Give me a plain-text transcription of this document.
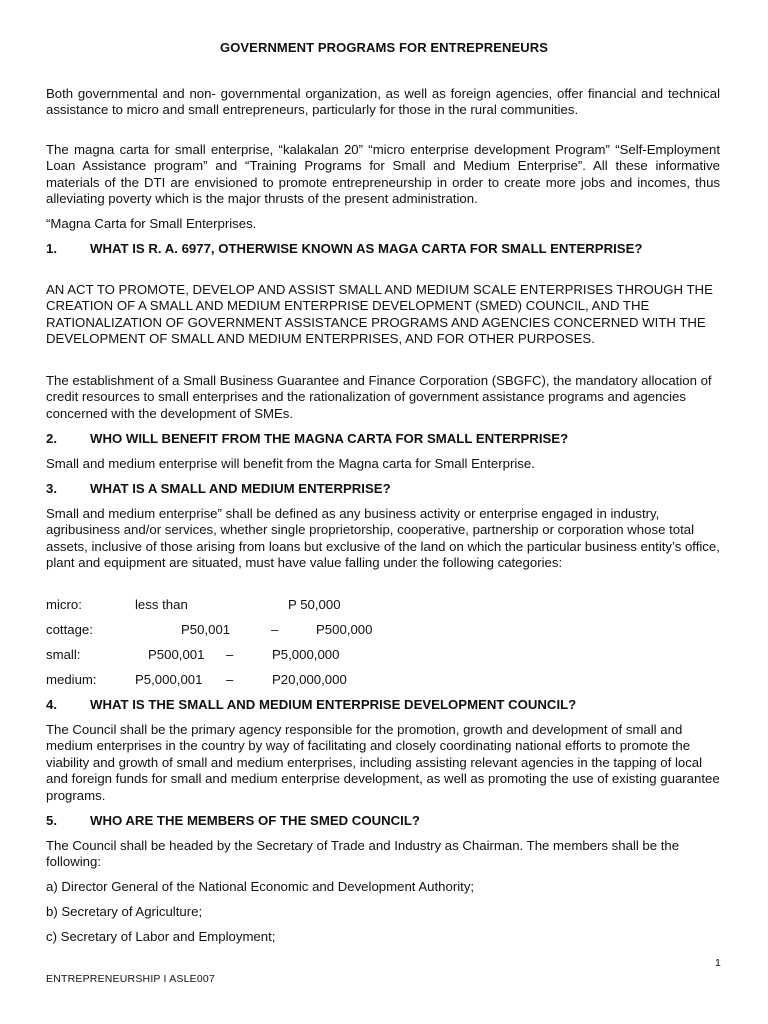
GOVERNMENT PROGRAMS FOR ENTREPRENEURS

Both governmental and non- governmental organization, as well as foreign agencies, offer financial and technical assistance to micro and small entrepreneurs, particularly for those in the rural communities.

The magna carta for small enterprise, “kalakalan 20” “micro enterprise development Program” “Self-Employment Loan Assistance program” and “Training Programs for Small and Medium Enterprise”. All these informative materials of the DTI are envisioned to promote entrepreneurship in order to create more jobs and incomes, thus alleviating poverty which is the major thrusts of the present administration.

“Magna Carta for Small Enterprises.

1.	WHAT IS R. A. 6977, OTHERWISE KNOWN AS MAGA CARTA FOR SMALL ENTERPRISE?

AN ACT TO PROMOTE, DEVELOP AND ASSIST SMALL AND MEDIUM SCALE ENTERPRISES THROUGH THE CREATION OF A SMALL AND MEDIUM ENTERPRISE DEVELOPMENT (SMED) COUNCIL, AND THE RATIONALIZATION OF GOVERNMENT ASSISTANCE PROGRAMS AND AGENCIES CONCERNED WITH THE DEVELOPMENT OF SMALL AND MEDIUM ENTERPRISES, AND FOR OTHER PURPOSES.

The establishment of a Small Business Guarantee and Finance Corporation (SBGFC), the mandatory allocation of credit resources to small enterprises and the rationalization of government assistance programs and agencies concerned with the development of SMEs.

2.	WHO WILL BENEFIT FROM THE MAGNA CARTA FOR SMALL ENTERPRISE?

Small and medium enterprise will benefit from the Magna carta for Small Enterprise.

3.	WHAT IS A SMALL AND MEDIUM ENTERPRISE?

Small and medium enterprise” shall be defined as any business activity or enterprise engaged in industry, agribusiness and/or services, whether single proprietorship, cooperative, partnership or corporation whose total assets, inclusive of those arising from loans but exclusive of the land on which the particular business entity’s office, plant and equipment are situated, must have value falling under the following categories:

micro:	less than	P 50,000
cottage:	P50,001	–	P500,000
small:	P500,001 –	P5,000,000
medium:	P5,000,001 –	P20,000,000
4.	WHAT IS THE SMALL AND MEDIUM ENTERPRISE DEVELOPMENT COUNCIL?

The Council shall be the primary agency responsible for the promotion, growth and development of small and medium enterprises in the country by way of facilitating and closely coordinating national efforts to promote the viability and growth of small and medium enterprises, including assisting relevant agencies in the tapping of local and foreign funds for small and medium enterprise development, as well as promoting the use of existing guarantee programs.

5.	WHO ARE THE MEMBERS OF THE SMED COUNCIL?

The Council shall be headed by the Secretary of Trade and Industry as Chairman. The members shall be the following:

a) Director General of the National Economic and Development Authority;

b) Secretary of Agriculture;

c) Secretary of Labor and Employment;

1
ENTREPRENEURSHIP I ASLE007
